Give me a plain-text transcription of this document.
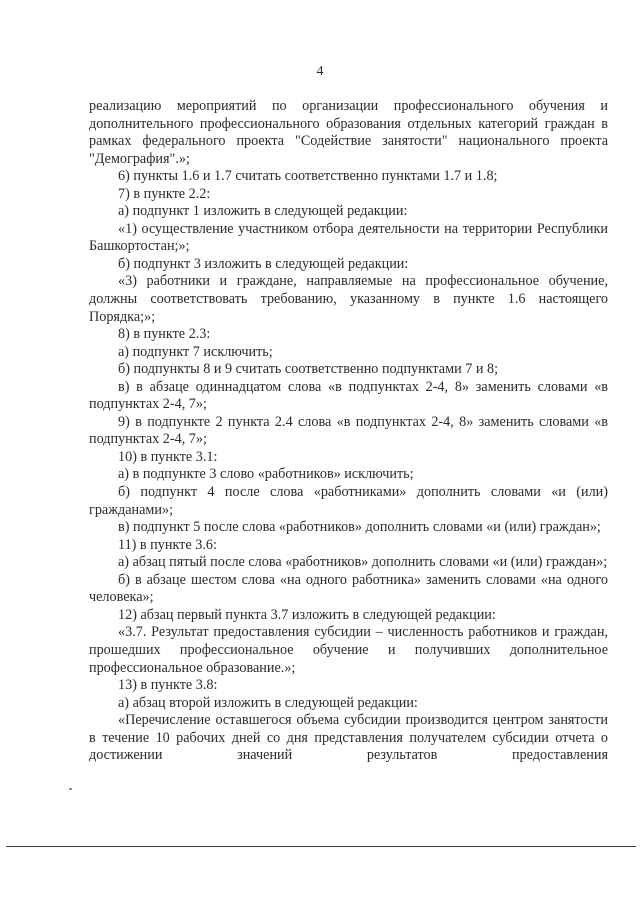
4

реализацию мероприятий по организации профессионального обучения и дополнительного профессионального образования отдельных категорий граждан в рамках федерального проекта "Содействие занятости" национального проекта "Демография".»;

6) пункты 1.6 и 1.7 считать соответственно пунктами 1.7 и 1.8;

7) в пункте 2.2:

а) подпункт 1 изложить в следующей редакции:

«1) осуществление участником отбора деятельности на территории Республики Башкортостан;»;

б) подпункт 3 изложить в следующей редакции:

«3) работники и граждане, направляемые на профессиональное обучение, должны соответствовать требованию, указанному в пункте 1.6 настоящего Порядка;»;

8) в пункте 2.3:

а) подпункт 7 исключить;

б) подпункты 8 и 9 считать соответственно подпунктами 7 и 8;

в) в абзаце одиннадцатом слова «в подпунктах 2-4, 8» заменить словами «в подпунктах 2-4, 7»;

9) в подпункте 2 пункта 2.4 слова «в подпунктах 2-4, 8» заменить словами «в подпунктах 2-4, 7»;

10) в пункте 3.1:

а) в подпункте 3 слово «работников» исключить;

б) подпункт 4 после слова «работниками» дополнить словами «и (или) гражданами»;

в) подпункт 5 после слова «работников» дополнить словами «и (или) граждан»;

11) в пункте 3.6:

а) абзац пятый после слова «работников» дополнить словами «и (или) граждан»;

б) в абзаце шестом слова «на одного работника» заменить словами «на одного человека»;

12) абзац первый пункта 3.7 изложить в следующей редакции:

«3.7. Результат предоставления субсидии – численность работников и граждан, прошедших профессиональное обучение и получивших дополнительное профессиональное образование.»;

13) в пункте 3.8:

а) абзац второй изложить в следующей редакции:

«Перечисление оставшегося объема субсидии производится центром занятости в течение 10 рабочих дней со дня представления получателем субсидии отчета о достижении значений результатов предоставления
